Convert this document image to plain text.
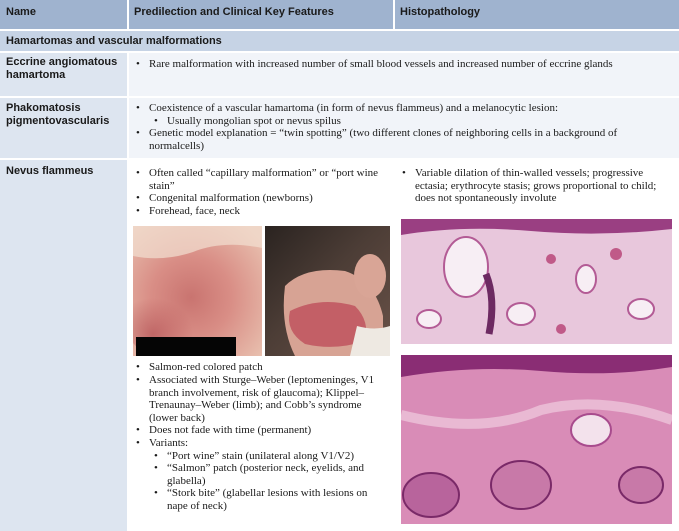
Name	Predilection and Clinical Key Features	Histopathology
Hamartomas and vascular malformations
Eccrine angiomatous hamartoma
• Rare malformation with increased number of small blood vessels and increased number of eccrine glands
Phakomatosis pigmentovascularis
• Coexistence of a vascular hamartoma (in form of nevus flammeus) and a melanocytic lesion:
• Usually mongolian spot or nevus spilus
• Genetic model explanation = “twin spotting” (two different clones of neighboring cells in a background of normalcells)
Nevus flammeus
•	Often called “capillary malformation” or “port wine stain”
• Congenital malformation (newborns)
• Forehead, face, neck
• Salmon-red colored patch
• Associated with Sturge–Weber (leptomeninges, V1 branch involvement, risk of glaucoma); Klippel–Trenaunay–Weber (limb); and Cobb’s syndrome (lower back)
• Does not fade with time (permanent)
• Variants:
• “Port wine” stain (unilateral along V1/V2)
• “Salmon” patch (posterior neck, eyelids, and glabella)
• “Stork bite” (glabellar lesions with lesions on nape of neck)
• Variable dilation of thin-walled vessels; progressive ectasia; erythrocyte stasis; grows proportional to child; does not spontaneously involute
